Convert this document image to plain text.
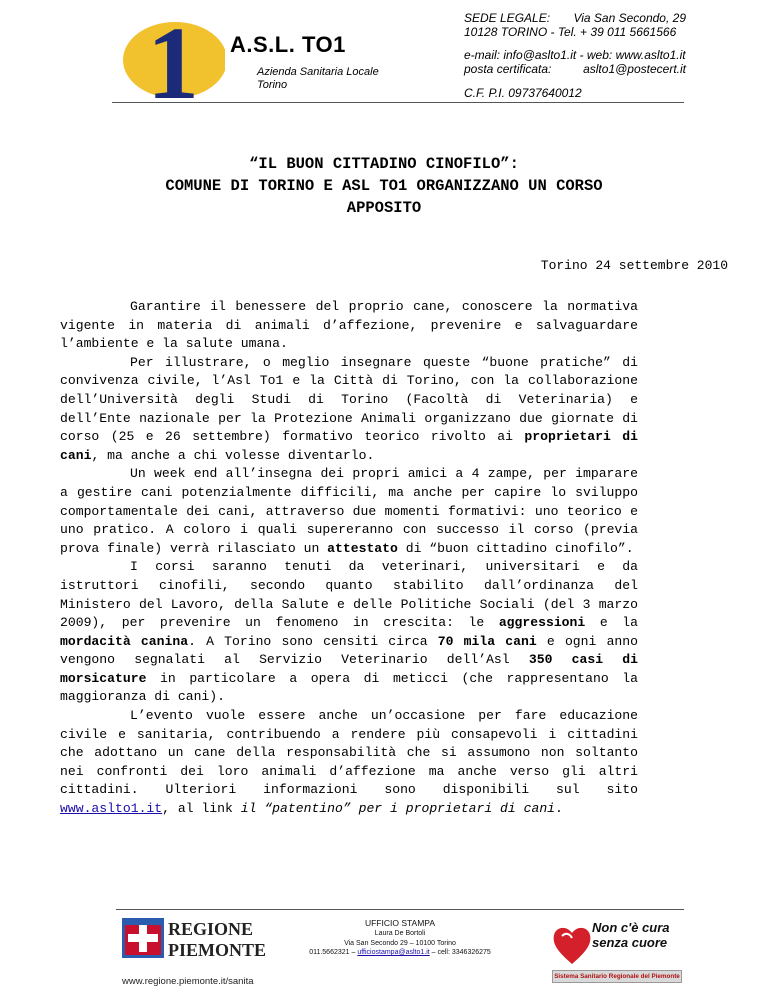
1 A.S.L. TO1
Azienda Sanitaria Locale
Torino
SEDE LEGALE: Via San Secondo, 29
10128 TORINO - Tel. + 39 011 5661566
e-mail: info@aslto1.it - web: www.aslto1.it
posta certificata:	aslto1@postecert.it
C.F. P.I. 09737640012
“IL BUON CITTADINO CINOFILO”:
COMUNE DI TORINO E ASL TO1 ORGANIZZANO UN CORSO
APPOSITO
Torino 24 settembre 2010

Garantire il benessere del proprio cane, conoscere la normativa vigente in materia di animali d’affezione, prevenire e salvaguardare l’ambiente e la salute umana.

Per illustrare, o meglio insegnare queste “buone pratiche” di convivenza civile, l’Asl To1 e la Città di Torino, con la collaborazione dell’Università degli Studi di Torino (Facoltà di Veterinaria) e dell’Ente nazionale per la Protezione Animali organizzano due giornate di corso (25 e 26 settembre) formativo teorico rivolto ai proprietari di cani, ma anche a chi volesse diventarlo.

Un week end all’insegna dei propri amici a 4 zampe, per imparare a gestire cani potenzialmente difficili, ma anche per capire lo sviluppo comportamentale dei cani, attraverso due momenti formativi: uno teorico e uno pratico. A coloro i quali supereranno con successo il corso (previa prova finale) verrà rilasciato un attestato di “buon cittadino cinofilo”.

I corsi saranno tenuti da veterinari, universitari e da istruttori cinofili, secondo quanto stabilito dall’ordinanza del Ministero del Lavoro, della Salute e delle Politiche Sociali (del 3 marzo 2009), per prevenire un fenomeno in crescita: le aggressioni e la mordacità canina. A Torino sono censiti circa 70 mila cani e ogni anno vengono segnalati al Servizio Veterinario dell’Asl 350 casi di morsicature in particolare a opera di meticci (che rappresentano la maggioranza di cani).

L’evento vuole essere anche un’occasione per fare educazione civile e sanitaria, contribuendo a rendere più consapevoli i cittadini che adottano un cane della responsabilità che si assumono non soltanto nei confronti dei loro animali d’affezione ma anche verso gli altri cittadini. Ulteriori informazioni sono disponibili sul sito www.aslto1.it, al link il “patentino” per i proprietari di cani.

REGIONE
PIEMONTE
www.regione.piemonte.it/sanita
UFFICIO STAMPA
Laura De Bortoli
Via San Secondo 29 – 10100 Torino
011.5662321 – ufficiostampa@aslto1.it – cell: 3346326275
Non c'è cura
senza cuore
Sistema Sanitario Regionale del Piemonte
